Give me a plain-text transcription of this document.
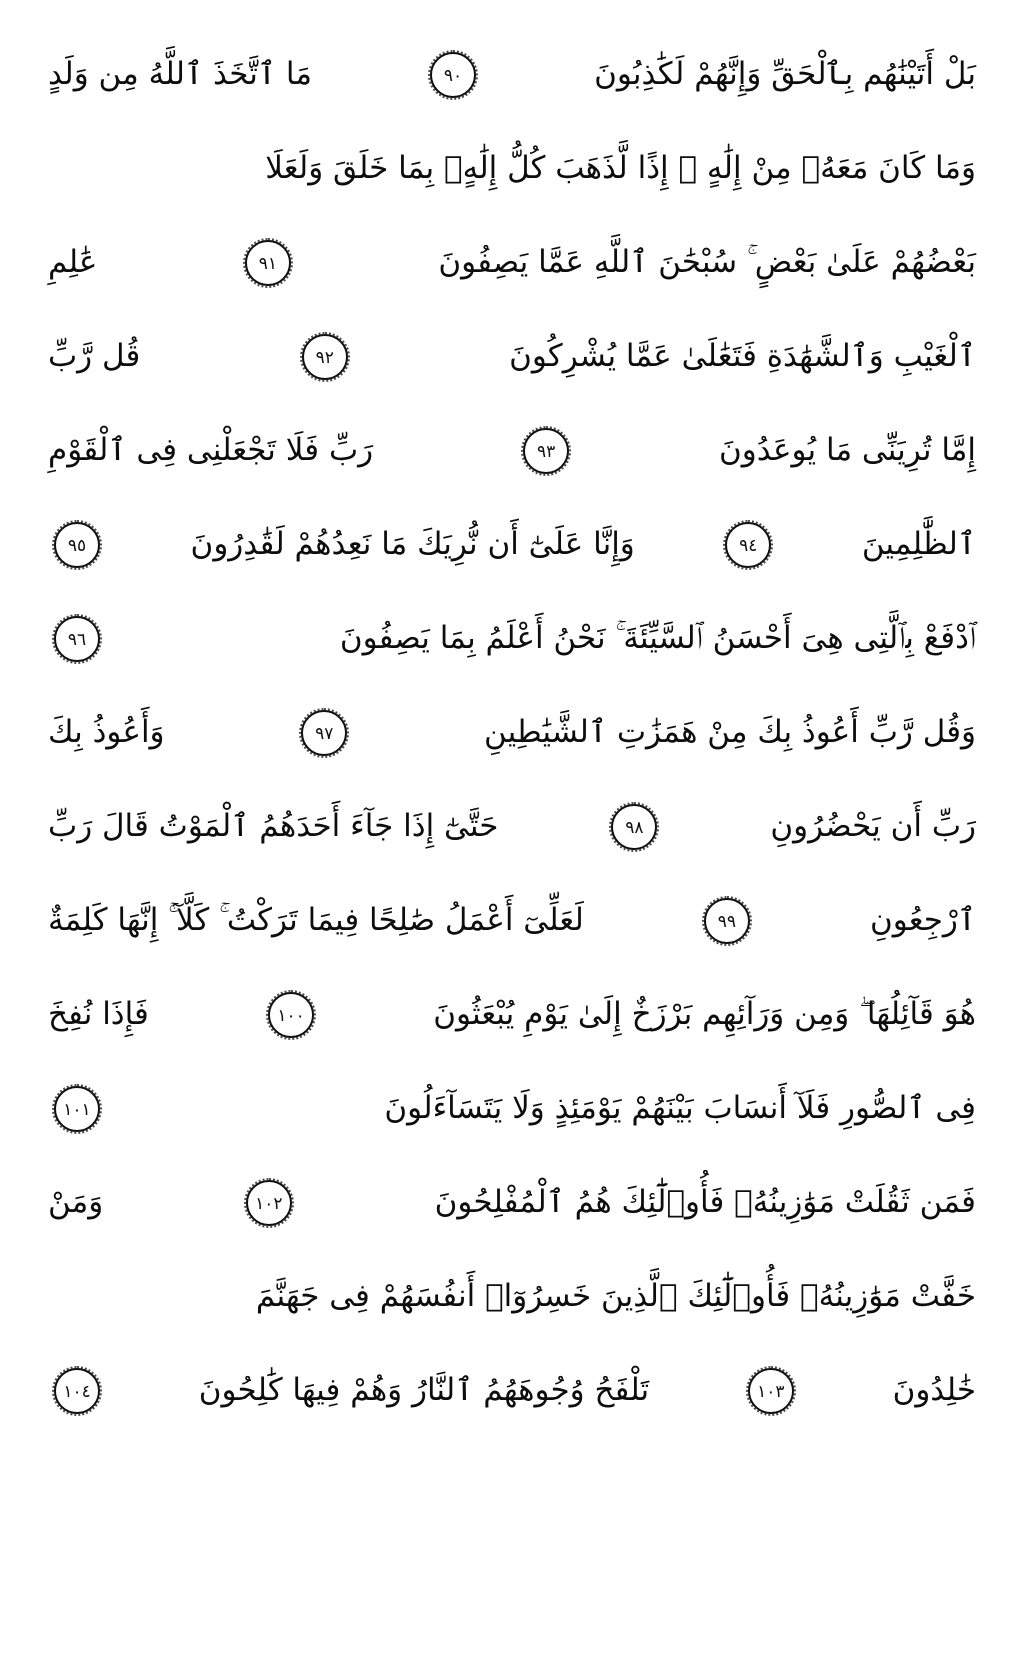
بَلْ أَتَيْنَٰهُم بِٱلْحَقِّ وَإِنَّهُمْ لَكَٰذِبُونَ
٩٠
مَا ٱتَّخَذَ ٱللَّهُ مِن وَلَدٍ
وَمَا كَانَ مَعَهُۥ مِنْ إِلَٰهٍ ۚ إِذًا لَّذَهَبَ كُلُّ إِلَٰهٍۭ بِمَا خَلَقَ وَلَعَلَا
بَعْضُهُمْ عَلَىٰ بَعْضٍ ۚ سُبْحَٰنَ ٱللَّهِ عَمَّا يَصِفُونَ
٩١
عَٰلِمِ
ٱلْغَيْبِ وَٱلشَّهَٰدَةِ فَتَعَٰلَىٰ عَمَّا يُشْرِكُونَ
٩٢
قُل رَّبِّ
إِمَّا تُرِيَنِّى مَا يُوعَدُونَ
٩٣
رَبِّ فَلَا تَجْعَلْنِى فِى ٱلْقَوْمِ
ٱلظَّٰلِمِينَ
٩٤
وَإِنَّا عَلَىٰٓ أَن نُّرِيَكَ مَا نَعِدُهُمْ لَقَٰدِرُونَ
٩٥
ٱدْفَعْ بِٱلَّتِى هِىَ أَحْسَنُ ٱلسَّيِّئَةَ ۚ نَحْنُ أَعْلَمُ بِمَا يَصِفُونَ
٩٦
وَقُل رَّبِّ أَعُوذُ بِكَ مِنْ هَمَزَٰتِ ٱلشَّيَٰطِينِ
٩٧
وَأَعُوذُ بِكَ
رَبِّ أَن يَحْضُرُونِ
٩٨
حَتَّىٰٓ إِذَا جَآءَ أَحَدَهُمُ ٱلْمَوْتُ قَالَ رَبِّ
ٱرْجِعُونِ
٩٩
لَعَلِّىٓ أَعْمَلُ صَٰلِحًا فِيمَا تَرَكْتُ ۚ كَلَّآ ۚ إِنَّهَا كَلِمَةٌ
هُوَ قَآئِلُهَا ۖ وَمِن وَرَآئِهِم بَرْزَخٌ إِلَىٰ يَوْمِ يُبْعَثُونَ
١٠٠
فَإِذَا نُفِخَ
فِى ٱلصُّورِ فَلَآ أَنسَابَ بَيْنَهُمْ يَوْمَئِذٍ وَلَا يَتَسَآءَلُونَ
١٠١
فَمَن ثَقُلَتْ مَوَٰزِينُهُۥ فَأُو۟لَٰٓئِكَ هُمُ ٱلْمُفْلِحُونَ
١٠٢
وَمَنْ
خَفَّتْ مَوَٰزِينُهُۥ فَأُو۟لَٰٓئِكَ ٱلَّذِينَ خَسِرُوٓا۟ أَنفُسَهُمْ فِى جَهَنَّمَ
خَٰلِدُونَ
١٠٣
تَلْفَحُ وُجُوهَهُمُ ٱلنَّارُ وَهُمْ فِيهَا كَٰلِحُونَ
١٠٤
